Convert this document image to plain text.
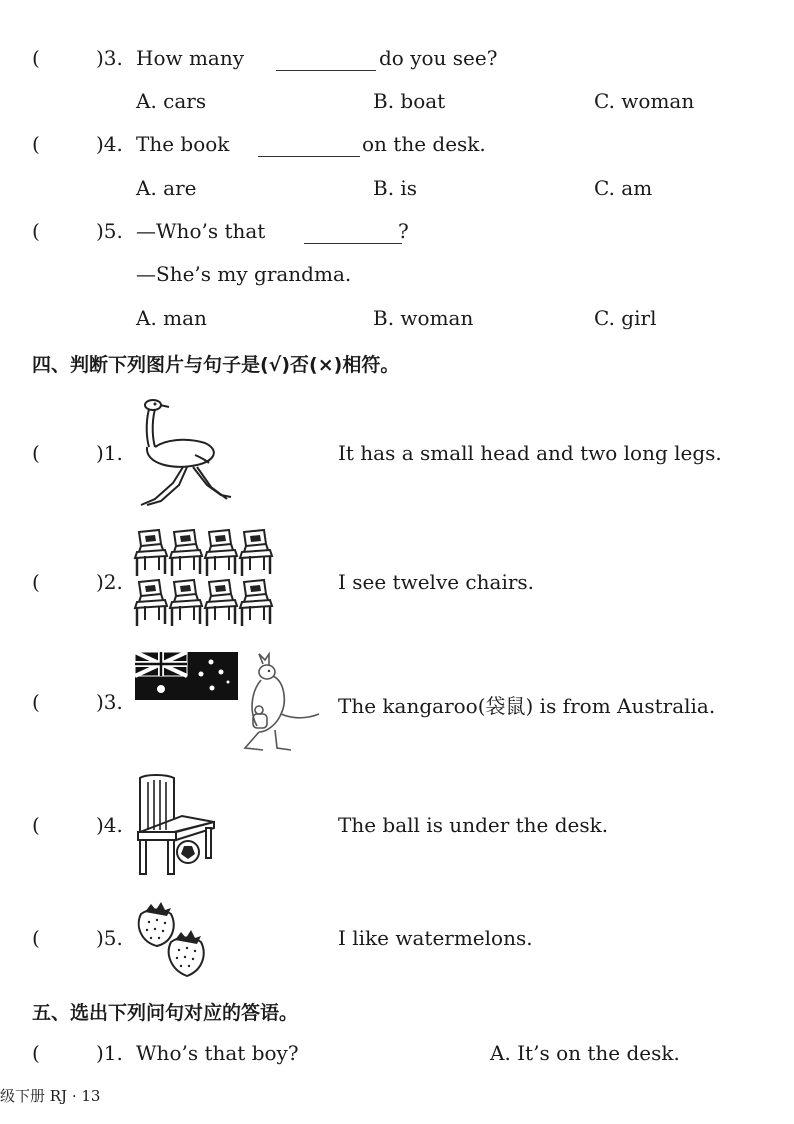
(	)3. How many	do you see?
A. cars	B. boat	C. woman
(	)4. The book	on the desk.
A. are	B. is	C. am
(	)5. —Who’s that	?
—She’s my grandma.
A. man	B. woman	C. girl
四、判断下列图片与句子是(√)否(×)相符。
(	)1.	It has a small head and two long legs.
(	)2.	I see twelve chairs.
(	)3.	The kangaroo(袋鼠) is from Australia.
(	)4.	The ball is under the desk.
(	)5.	I like watermelons.
五、选出下列问句对应的答语。
(	)1. Who’s that boy?	A. It’s on the desk.
级下册 RJ · 13
